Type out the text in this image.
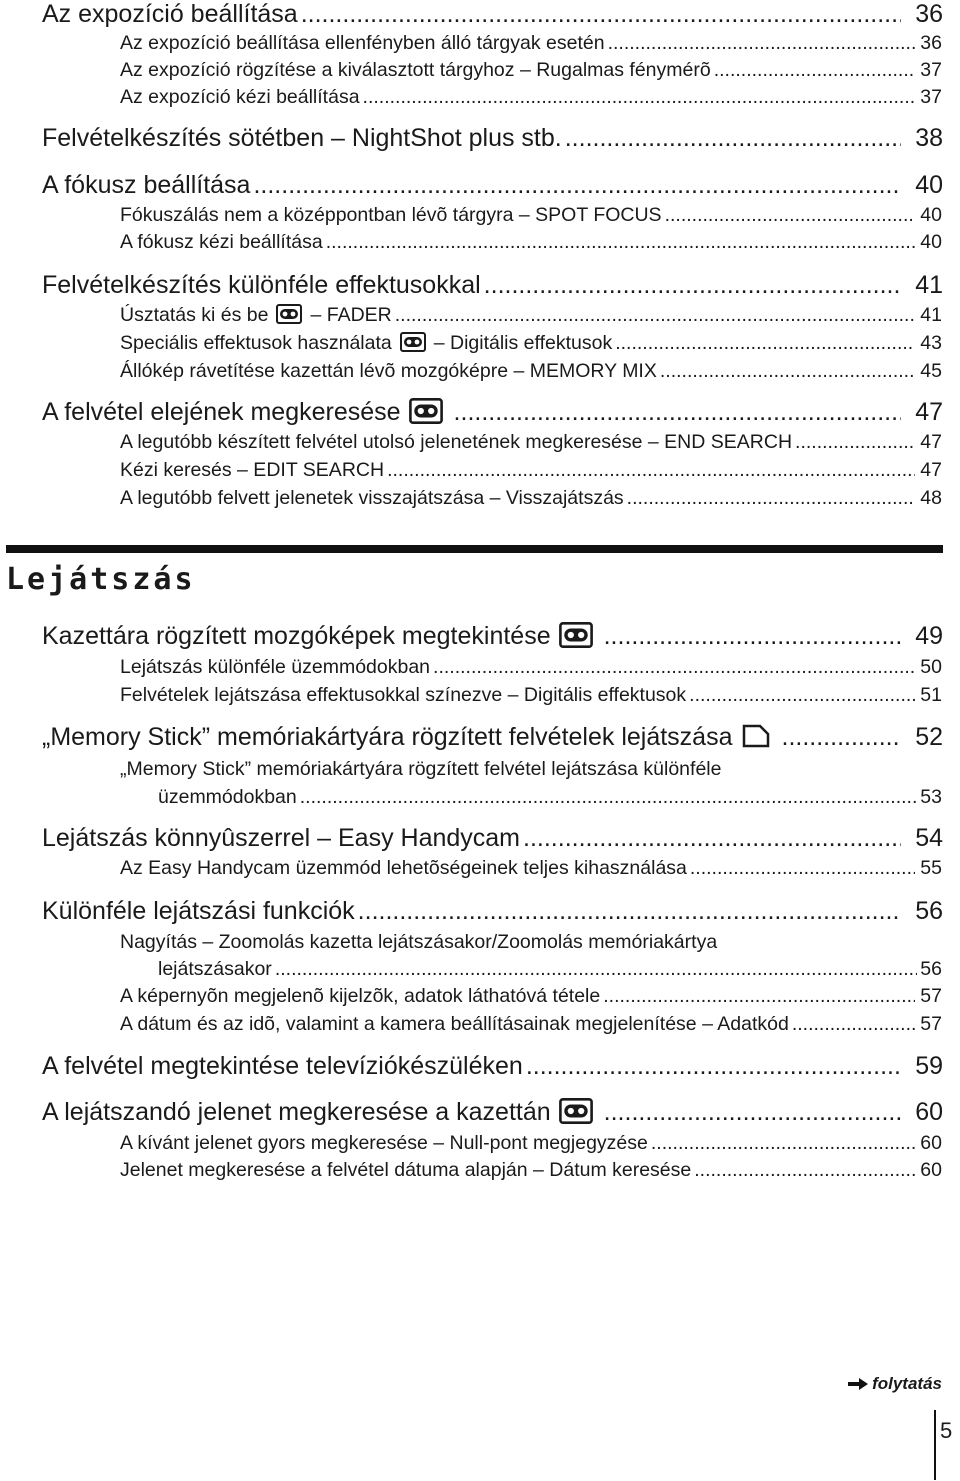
Az expozíció beállítása .....	36
Az expozíció beállítása ellenfényben álló tárgyak esetén .....	36
Az expozíció rögzítése a kiválasztott tárgyhoz – Rugalmas fénymérõ .....	37
Az expozíció kézi beállítása .....	37
Felvételkészítés sötétben – NightShot plus stb. .....	38
A fókusz beállítása .....	40
Fókuszálás nem a középpontban lévõ tárgyra – SPOT FOCUS .....	40
A fókusz kézi beállítása .....	40
Felvételkészítés különféle effektusokkal .....	41
Úsztatás ki és be – FADER .....	41
Speciális effektusok használata – Digitális effektusok .....	43
Állókép rávetítése kazettán lévõ mozgóképre – MEMORY MIX .....	45
A felvétel elejének megkeresése .....	47
A legutóbb készített felvétel utolsó jelenetének megkeresése – END SEARCH .....	47
Kézi keresés – EDIT SEARCH .....	47
A legutóbb felvett jelenetek visszajátszása – Visszajátszás .....	48
Lejátszás
Kazettára rögzített mozgóképek megtekintése .....	49
Lejátszás különféle üzemmódokban .....	50
Felvételek lejátszása effektusokkal színezve – Digitális effektusok .....	51
„Memory Stick” memóriakártyára rögzített felvételek lejátszása .....	52
„Memory Stick” memóriakártyára rögzített felvétel lejátszása különféle
üzemmódokban .....	53
Lejátszás könnyûszerrel – Easy Handycam .....	54
Az Easy Handycam üzemmód lehetõségeinek teljes kihasználása .....	55
Különféle lejátszási funkciók .....	56
Nagyítás – Zoomolás kazetta lejátszásakor/Zoomolás memóriakártya
lejátszásakor .....	56
A képernyõn megjelenõ kijelzõk, adatok láthatóvá tétele .....	57
A dátum és az idõ, valamint a kamera beállításainak megjelenítése – Adatkód .....	57
A felvétel megtekintése televíziókészüléken .....	59
A lejátszandó jelenet megkeresése a kazettán .....	60
A kívánt jelenet gyors megkeresése – Null-pont megjegyzése .....	60
Jelenet megkeresése a felvétel dátuma alapján – Dátum keresése .....	60
folytatás
5
